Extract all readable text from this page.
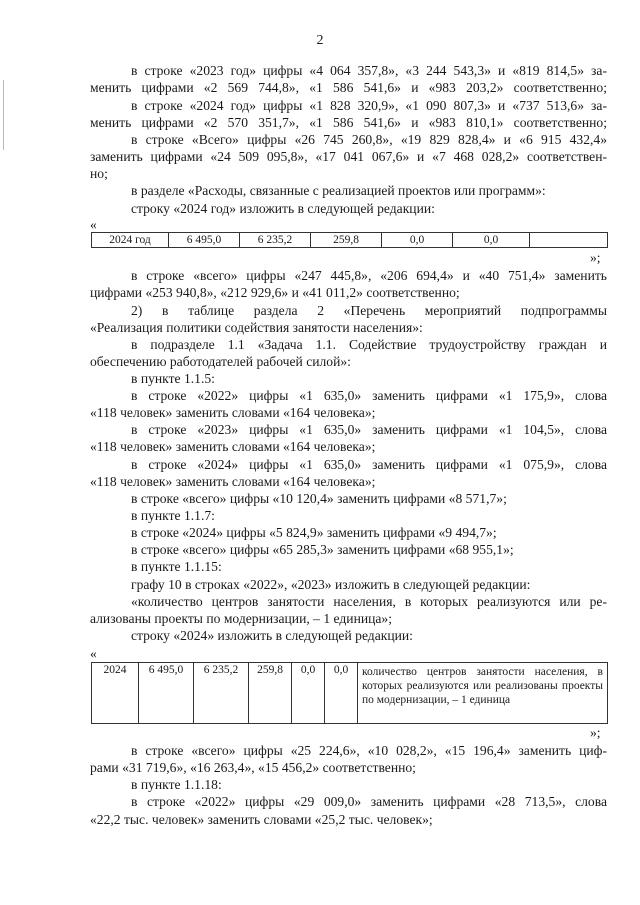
2
в строке «2023 год» цифры «4 064 357,8», «3 244 543,3» и «819 814,5» за-
менить цифрами «2 569 744,8», «1 586 541,6» и «983 203,2» соответственно;
в строке «2024 год» цифры «1 828 320,9», «1 090 807,3» и «737 513,6» за-
менить цифрами «2 570 351,7», «1 586 541,6» и «983 810,1» соответственно;
в строке «Всего» цифры «26 745 260,8», «19 829 828,4» и «6 915 432,4»
заменить цифрами «24 509 095,8», «17 041 067,6» и «7 468 028,2» соответствен-
но;
в разделе «Расходы, связанные с реализацией проектов или программ»:
строку «2024 год» изложить в следующей редакции:
«
2024 год	6 495,0	6 235,2	259,8	0,0	0,0	
»;
в строке «всего» цифры «247 445,8», «206 694,4» и «40 751,4» заменить
цифрами «253 940,8», «212 929,6» и «41 011,2» соответственно;
2) в таблице раздела 2 «Перечень мероприятий подпрограммы
«Реализация политики содействия занятости населения»:
в подразделе 1.1 «Задача 1.1. Содействие трудоустройству граждан и
обеспечению работодателей рабочей силой»:
в пункте 1.1.5:
в строке «2022» цифры «1 635,0» заменить цифрами «1 175,9», слова
«118 человек» заменить словами «164 человека»;
в строке «2023» цифры «1 635,0» заменить цифрами «1 104,5», слова
«118 человек» заменить словами «164 человека»;
в строке «2024» цифры «1 635,0» заменить цифрами «1 075,9», слова
«118 человек» заменить словами «164 человека»;
в строке «всего» цифры «10 120,4» заменить цифрами «8 571,7»;
в пункте 1.1.7:
в строке «2024» цифры «5 824,9» заменить цифрами «9 494,7»;
в строке «всего» цифры «65 285,3» заменить цифрами «68 955,1»;
в пункте 1.1.15:
графу 10 в строках «2022», «2023» изложить в следующей редакции:
«количество центров занятости населения, в которых реализуются или ре-
ализованы проекты по модернизации, – 1 единица»;
строку «2024» изложить в следующей редакции:
«
2024	6 495,0	6 235,2	259,8	0,0	0,0	количество центров занятости населения, в которых реализуются или реализованы проекты по модернизации, – 1 единица
»;
в строке «всего» цифры «25 224,6», «10 028,2», «15 196,4» заменить циф-
рами «31 719,6», «16 263,4», «15 456,2» соответственно;
в пункте 1.1.18:
в строке «2022» цифры «29 009,0» заменить цифрами «28 713,5», слова
«22,2 тыс. человек» заменить словами «25,2 тыс. человек»;
